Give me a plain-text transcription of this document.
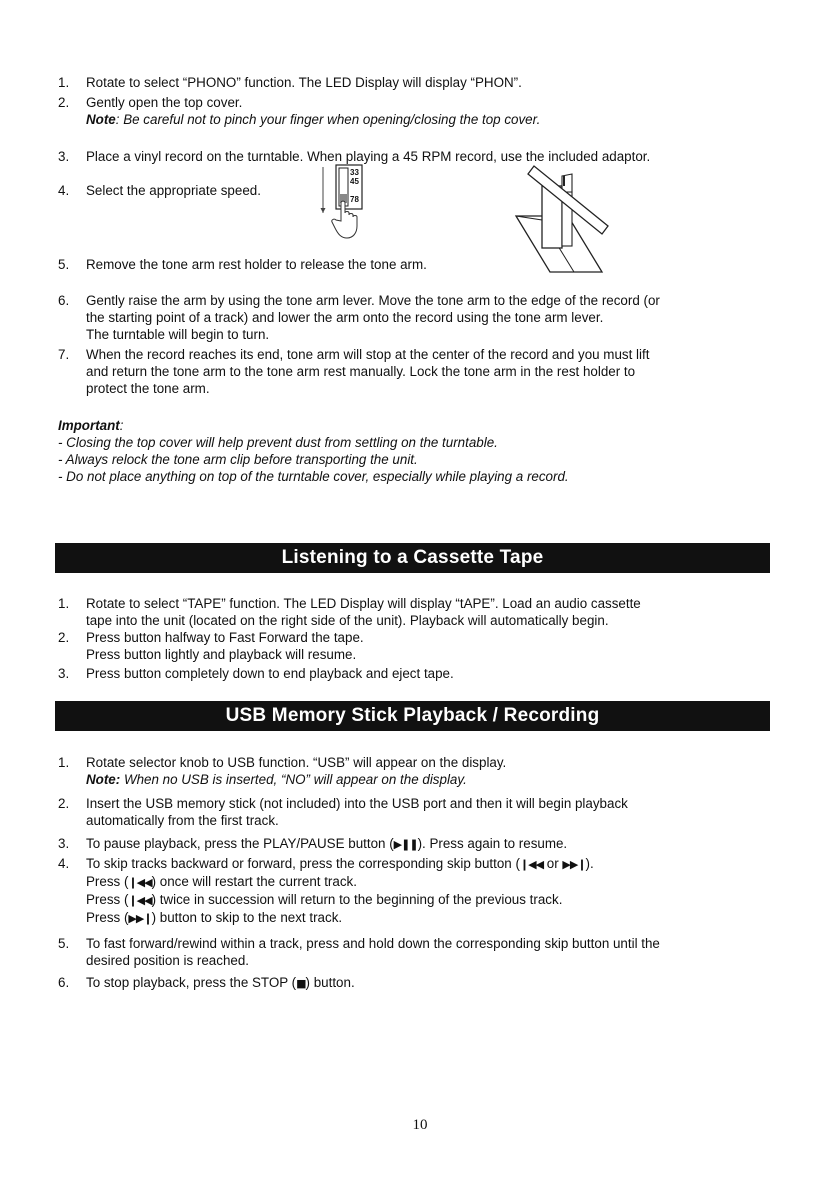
1. Rotate to select “PHONO” function. The LED Display will display “PHON”.
2. Gently open the top cover.
Note: Be careful not to pinch your finger when opening/closing the top cover.
3. Place a vinyl record on the turntable. When playing a 45 RPM record, use the included adaptor.
4. Select the appropriate speed.
33
45
78
5. Remove the tone arm rest holder to release the tone arm.
6. Gently raise the arm by using the tone arm lever. Move the tone arm to the edge of the record (or
the starting point of a track) and lower the arm onto the record using the tone arm lever.
The turntable will begin to turn.
7. When the record reaches its end, tone arm will stop at the center of the record and you must lift
and return the tone arm to the tone arm rest manually. Lock the tone arm in the rest holder to
protect the tone arm.
Important:
- Closing the top cover will help prevent dust from settling on the turntable.
- Always relock the tone arm clip before transporting the unit.
- Do not place anything on top of the turntable cover, especially while playing a record.
Listening to a Cassette Tape
1. Rotate to select “TAPE” function. The LED Display will display “tAPE”. Load an audio cassette
tape into the unit (located on the right side of the unit). Playback will automatically begin.
2. Press button halfway to Fast Forward the tape.
Press button lightly and playback will resume.
3. Press button completely down to end playback and eject tape.
USB Memory Stick Playback / Recording
1. Rotate selector knob to USB function. “USB” will appear on the display.
Note: When no USB is inserted, “NO” will appear on the display.
2. Insert the USB memory stick (not included) into the USB port and then it will begin playback
automatically from the first track.
3. To pause playback, press the PLAY/PAUSE button (▶❚❚). Press again to resume.
4. To skip tracks backward or forward, press the corresponding skip button (❙◀◀ or ▶▶❙).
Press (❙◀◀) once will restart the current track.
Press (❙◀◀) twice in succession will return to the beginning of the previous track.
Press (▶▶❙) button to skip to the next track.
5. To fast forward/rewind within a track, press and hold down the corresponding skip button until the
desired position is reached.
6. To stop playback, press the STOP (■) button.
10
